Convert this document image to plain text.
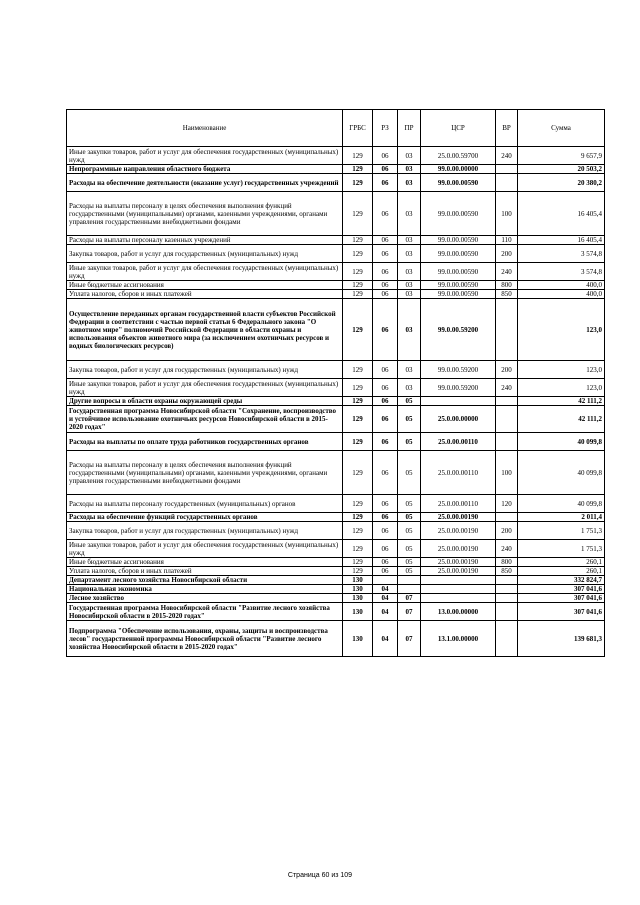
Наименование	ГРБС	РЗ	ПР	ЦСР	ВР	Сумма
Иные закупки товаров, работ и услуг для обеспечения государственных (муниципальных) нужд	129	06	03	25.0.00.59700	240	9 657,9
Непрограммные направления областного бюджета	129	06	03	99.0.00.00000		20 503,2
Расходы на обеспечение деятельности (оказание услуг) государственных учреждений	129	06	03	99.0.00.00590		20 380,2
Расходы на выплаты персоналу в целях обеспечения выполнения функций государственными (муниципальными) органами, казенными учреждениями, органами управления государственными внебюджетными фондами	129	06	03	99.0.00.00590	100	16 405,4
Расходы на выплаты персоналу казенных учреждений	129	06	03	99.0.00.00590	110	16 405,4
Закупка товаров, работ и услуг для государственных (муниципальных) нужд	129	06	03	99.0.00.00590	200	3 574,8
Иные закупки товаров, работ и услуг для обеспечения государственных (муниципальных) нужд	129	06	03	99.0.00.00590	240	3 574,8
Иные бюджетные ассигнования	129	06	03	99.0.00.00590	800	400,0
Уплата налогов, сборов и иных платежей	129	06	03	99.0.00.00590	850	400,0
Осуществление переданных органам государственной власти субъектов Российской Федерации в соответствии с частью первой статьи 6 Федерального закона "О животном мире" полномочий Российской Федерации в области охраны и использования объектов животного мира (за исключением охотничьих ресурсов и водных биологических ресурсов)	129	06	03	99.0.00.59200		123,0
Закупка товаров, работ и услуг для государственных (муниципальных) нужд	129	06	03	99.0.00.59200	200	123,0
Иные закупки товаров, работ и услуг для обеспечения государственных (муниципальных) нужд	129	06	03	99.0.00.59200	240	123,0
Другие вопросы в области охраны окружающей среды	129	06	05			42 111,2
Государственная программа Новосибирской области "Сохранение, воспроизводство и устойчивое использование охотничьих ресурсов Новосибирской области в 2015-2020 годах"	129	06	05	25.0.00.00000		42 111,2
Расходы на выплаты по оплате труда работников государственных органов	129	06	05	25.0.00.00110		40 099,8
Расходы на выплаты персоналу в целях обеспечения выполнения функций государственными (муниципальными) органами, казенными учреждениями, органами управления государственными внебюджетными фондами	129	06	05	25.0.00.00110	100	40 099,8
Расходы на выплаты персоналу государственных (муниципальных) органов	129	06	05	25.0.00.00110	120	40 099,8
Расходы на обеспечение функций государственных органов	129	06	05	25.0.00.00190		2 011,4
Закупка товаров, работ и услуг для государственных (муниципальных) нужд	129	06	05	25.0.00.00190	200	1 751,3
Иные закупки товаров, работ и услуг для обеспечения государственных (муниципальных) нужд	129	06	05	25.0.00.00190	240	1 751,3
Иные бюджетные ассигнования	129	06	05	25.0.00.00190	800	260,1
Уплата налогов, сборов и иных платежей	129	06	05	25.0.00.00190	850	260,1
Департамент лесного хозяйства Новосибирской области	130					332 824,7
Национальная экономика	130	04				307 041,6
Лесное хозяйство	130	04	07			307 041,6
Государственная программа Новосибирской области "Развитие лесного хозяйства Новосибирской области в 2015-2020 годах"	130	04	07	13.0.00.00000		307 041,6
Подпрограмма "Обеспечение использования, охраны, защиты и воспроизводства лесов" государственной программы Новосибирской области "Развитие лесного хозяйства Новосибирской области в 2015-2020 годах"	130	04	07	13.1.00.00000		139 681,3
Страница 60 из 109
